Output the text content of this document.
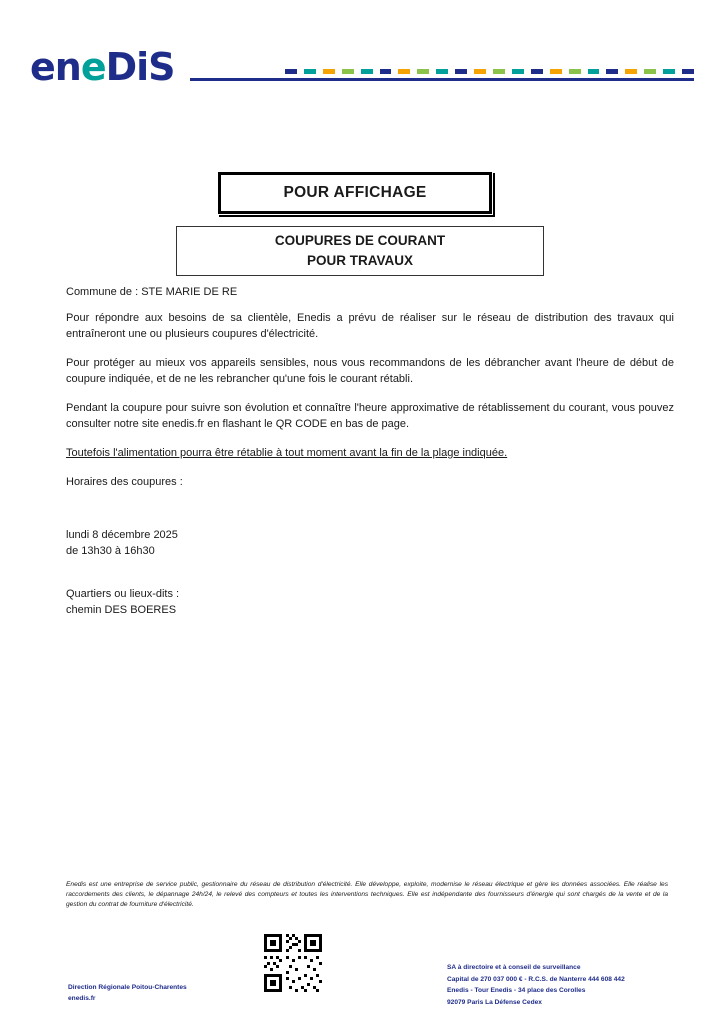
eneDiS
POUR AFFICHAGE
COUPURES DE COURANT
POUR TRAVAUX
Commune de : STE MARIE DE RE

Pour répondre aux besoins de sa clientèle, Enedis a prévu de réaliser sur le réseau de distribution des travaux qui entraîneront une ou plusieurs coupures d'électricité.

Pour protéger au mieux vos appareils sensibles, nous vous recommandons de les débrancher avant l'heure de début de coupure indiquée, et de ne les rebrancher qu'une fois le courant rétabli.

Pendant la coupure pour suivre son évolution et connaître l'heure approximative de rétablissement du courant, vous pouvez consulter notre site enedis.fr en flashant le QR CODE en bas de page.

Toutefois l'alimentation pourra être rétablie à tout moment avant la fin de la plage indiquée.

Horaires des coupures :

lundi 8 décembre 2025
de 13h30 à 16h30
Quartiers ou lieux-dits :
chemin DES BOERES
Enedis est une entreprise de service public, gestionnaire du réseau de distribution d'électricité. Elle développe, exploite, modernise le réseau électrique et gère les données associées. Elle réalise les raccordements des clients, le dépannage 24h/24, le relevé des compteurs et toutes les interventions techniques. Elle est indépendante des fournisseurs d'énergie qui sont chargés de la vente et de la gestion du contrat de fourniture d'électricité.
Direction Régionale Poitou-Charentes
enedis.fr
SA à directoire et à conseil de surveillance
Capital de 270 037 000 € - R.C.S. de Nanterre 444 608 442
Enedis - Tour Enedis - 34 place des Corolles
92079 Paris La Défense Cedex
